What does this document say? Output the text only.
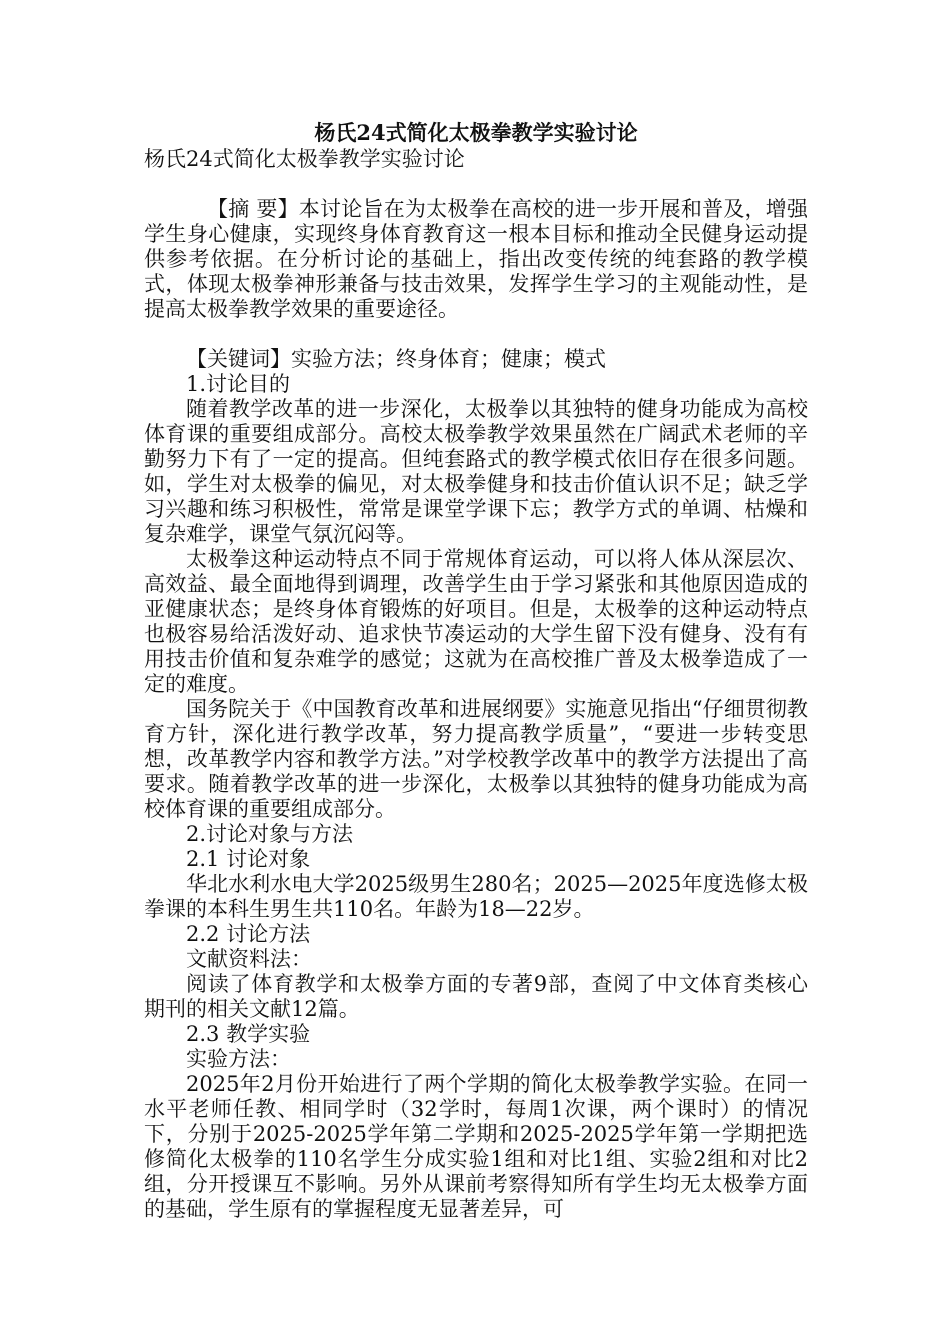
杨氏24式简化太极拳教学实验讨论
杨氏24式简化太极拳教学实验讨论

【摘 要】本讨论旨在为太极拳在高校的进一步开展和普及，增强学生身心健康，实现终身体育教育这一根本目标和推动全民健身运动提供参考依据。在分析讨论的基础上，指出改变传统的纯套路的教学模式，体现太极拳神形兼备与技击效果，发挥学生学习的主观能动性，是提高太极拳教学效果的重要途径。

【关键词】实验方法；终身体育；健康；模式

1.讨论目的

随着教学改革的进一步深化，太极拳以其独特的健身功能成为高校体育课的重要组成部分。高校太极拳教学效果虽然在广阔武术老师的辛勤努力下有了一定的提高。但纯套路式的教学模式依旧存在很多问题。如，学生对太极拳的偏见，对太极拳健身和技击价值认识不足；缺乏学习兴趣和练习积极性，常常是课堂学课下忘；教学方式的单调、枯燥和复杂难学，课堂气氛沉闷等。

太极拳这种运动特点不同于常规体育运动，可以将人体从深层次、高效益、最全面地得到调理，改善学生由于学习紧张和其他原因造成的亚健康状态；是终身体育锻炼的好项目。但是，太极拳的这种运动特点也极容易给活泼好动、追求快节凑运动的大学生留下没有健身、没有有用技击价值和复杂难学的感觉；这就为在高校推广普及太极拳造成了一定的难度。

国务院关于《中国教育改革和进展纲要》实施意见指出“仔细贯彻教育方针，深化进行教学改革，努力提高教学质量”，“要进一步转变思想，改革教学内容和教学方法。”对学校教学改革中的教学方法提出了高要求。随着教学改革的进一步深化，太极拳以其独特的健身功能成为高校体育课的重要组成部分。

2.讨论对象与方法

2.1 讨论对象

华北水利水电大学2025级男生280名；2025—2025年度选修太极拳课的本科生男生共110名。年龄为18—22岁。

2.2 讨论方法

文献资料法：

阅读了体育教学和太极拳方面的专著9部，查阅了中文体育类核心期刊的相关文献12篇。

2.3 教学实验

实验方法：

2025年2月份开始进行了两个学期的简化太极拳教学实验。在同一水平老师任教、相同学时（32学时，每周1次课，两个课时）的情况下，分别于2025-2025学年第二学期和2025-2025学年第一学期把选修简化太极拳的110名学生分成实验1组和对比1组、实验2组和对比2组，分开授课互不影响。另外从课前考察得知所有学生均无太极拳方面的基础，学生原有的掌握程度无显著差异，可
